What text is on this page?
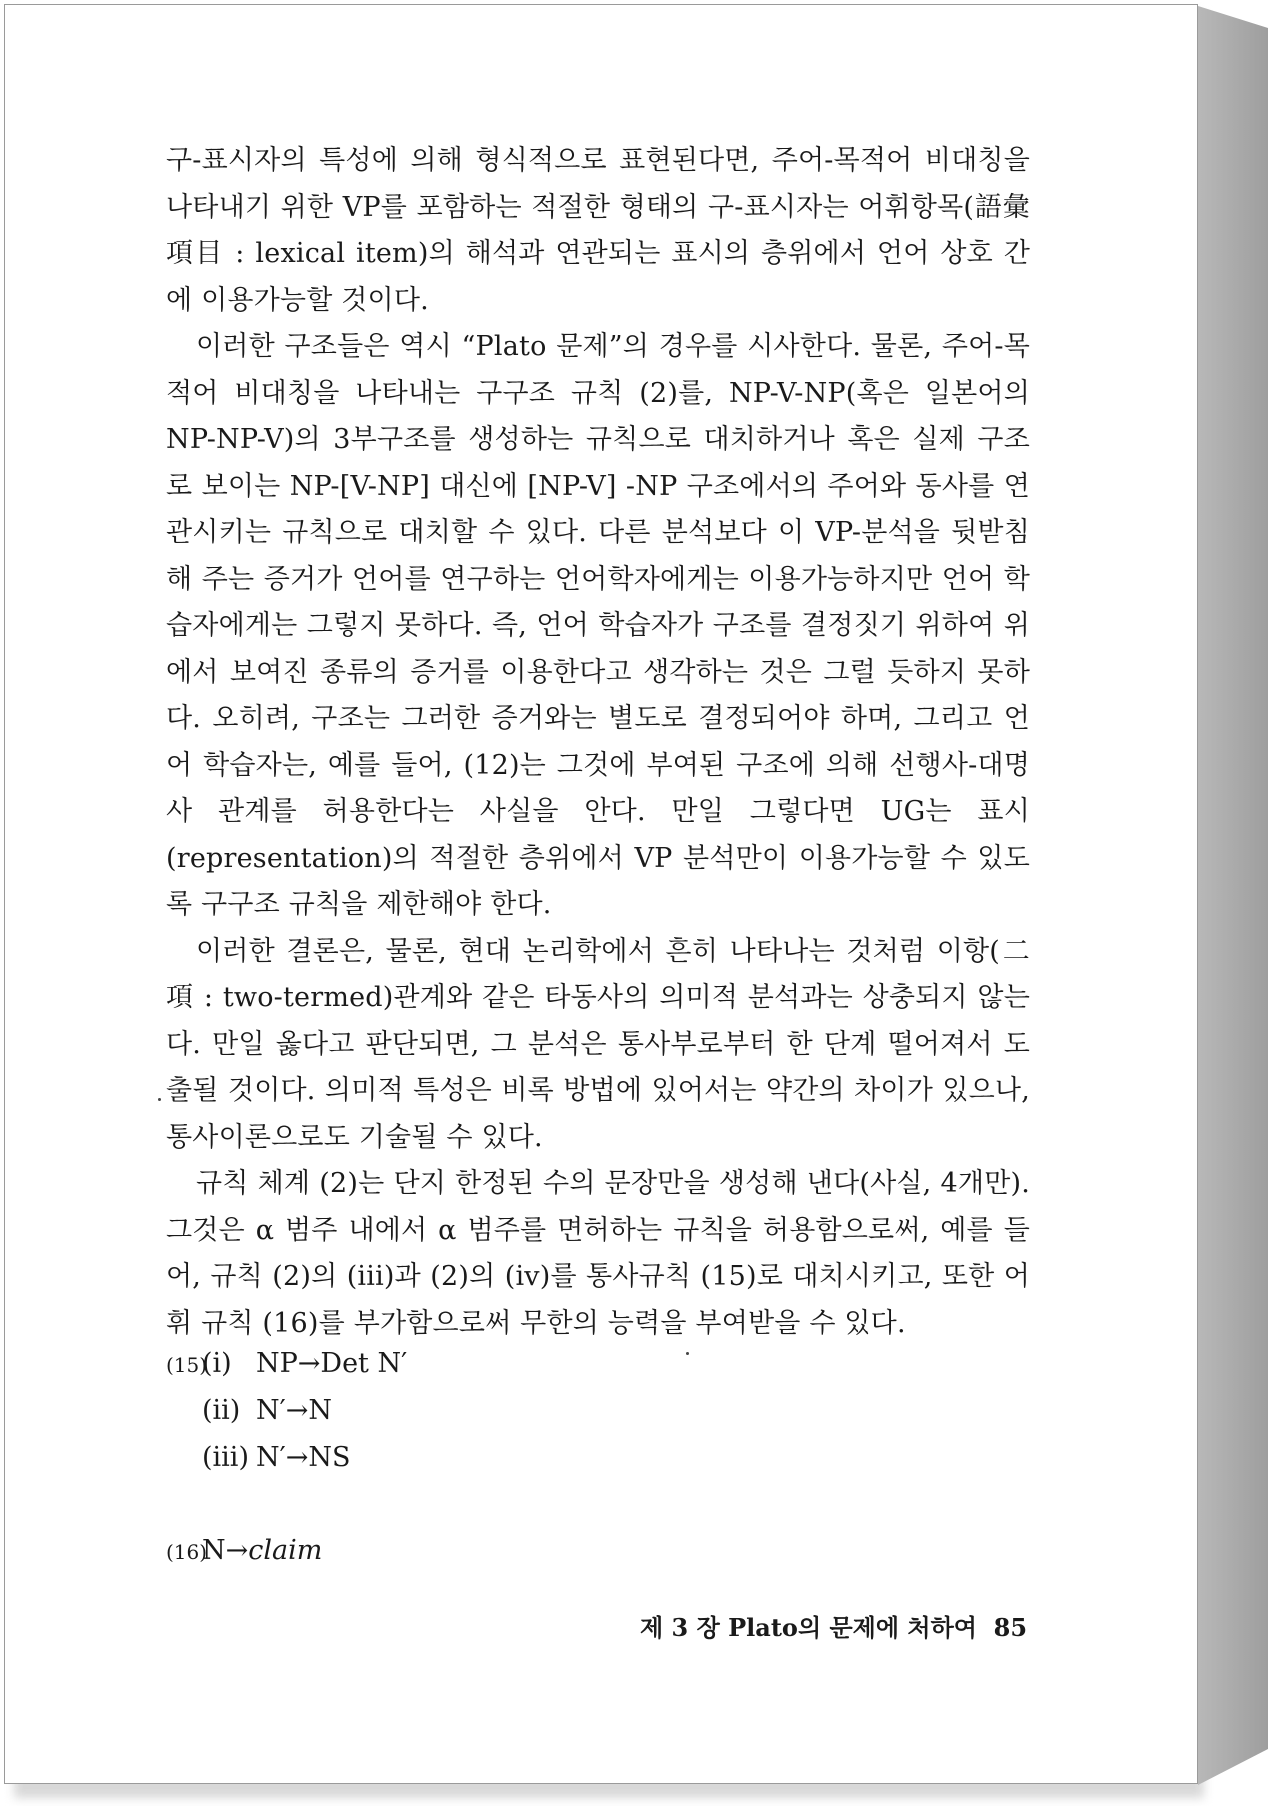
구-표시자의 특성에 의해 형식적으로 표현된다면, 주어-목적어 비대칭을 나타내기 위한 VP를 포함하는 적절한 형태의 구-표시자는 어휘항목(語彙項目 : lexical item)의 해석과 연관되는 표시의 층위에서 언어 상호 간에 이용가능할 것이다.

이러한 구조들은 역시 “Plato 문제”의 경우를 시사한다. 물론, 주어-목적어 비대칭을 나타내는 구구조 규칙 (2)를, NP-V-NP(혹은 일본어의 NP-NP-V)의 3부구조를 생성하는 규칙으로 대치하거나 혹은 실제 구조로 보이는 NP-[V-NP] 대신에 [NP-V] -NP 구조에서의 주어와 동사를 연관시키는 규칙으로 대치할 수 있다. 다른 분석보다 이 VP-분석을 뒷받침해 주는 증거가 언어를 연구하는 언어학자에게는 이용가능하지만 언어 학습자에게는 그렇지 못하다. 즉, 언어 학습자가 구조를 결정짓기 위하여 위에서 보여진 종류의 증거를 이용한다고 생각하는 것은 그럴 듯하지 못하다. 오히려, 구조는 그러한 증거와는 별도로 결정되어야 하며, 그리고 언어 학습자는, 예를 들어, (12)는 그것에 부여된 구조에 의해 선행사-대명사 관계를 허용한다는 사실을 안다. 만일 그렇다면 UG는 표시(representation)의 적절한 층위에서 VP 분석만이 이용가능할 수 있도록 구구조 규칙을 제한해야 한다.

이러한 결론은, 물론, 현대 논리학에서 흔히 나타나는 것처럼 이항(二項 : two-termed)관계와 같은 타동사의 의미적 분석과는 상충되지 않는다. 만일 옳다고 판단되면, 그 분석은 통사부로부터 한 단계 떨어져서 도출될 것이다. 의미적 특성은 비록 방법에 있어서는 약간의 차이가 있으나, 통사이론으로도 기술될 수 있다.

규칙 체계 (2)는 단지 한정된 수의 문장만을 생성해 낸다(사실, 4개만). 그것은 α 범주 내에서 α 범주를 면허하는 규칙을 허용함으로써, 예를 들어, 규칙 (2)의 (iii)과 (2)의 (iv)를 통사규칙 (15)로 대치시키고, 또한 어휘 규칙 (16)를 부가함으로써 무한의 능력을 부여받을 수 있다.

(15)(i) NP→Det N′
(ii) N′→N
(iii) N′→NS
(16)N→claim
제 3 장 Plato의 문제에 처하여 85
